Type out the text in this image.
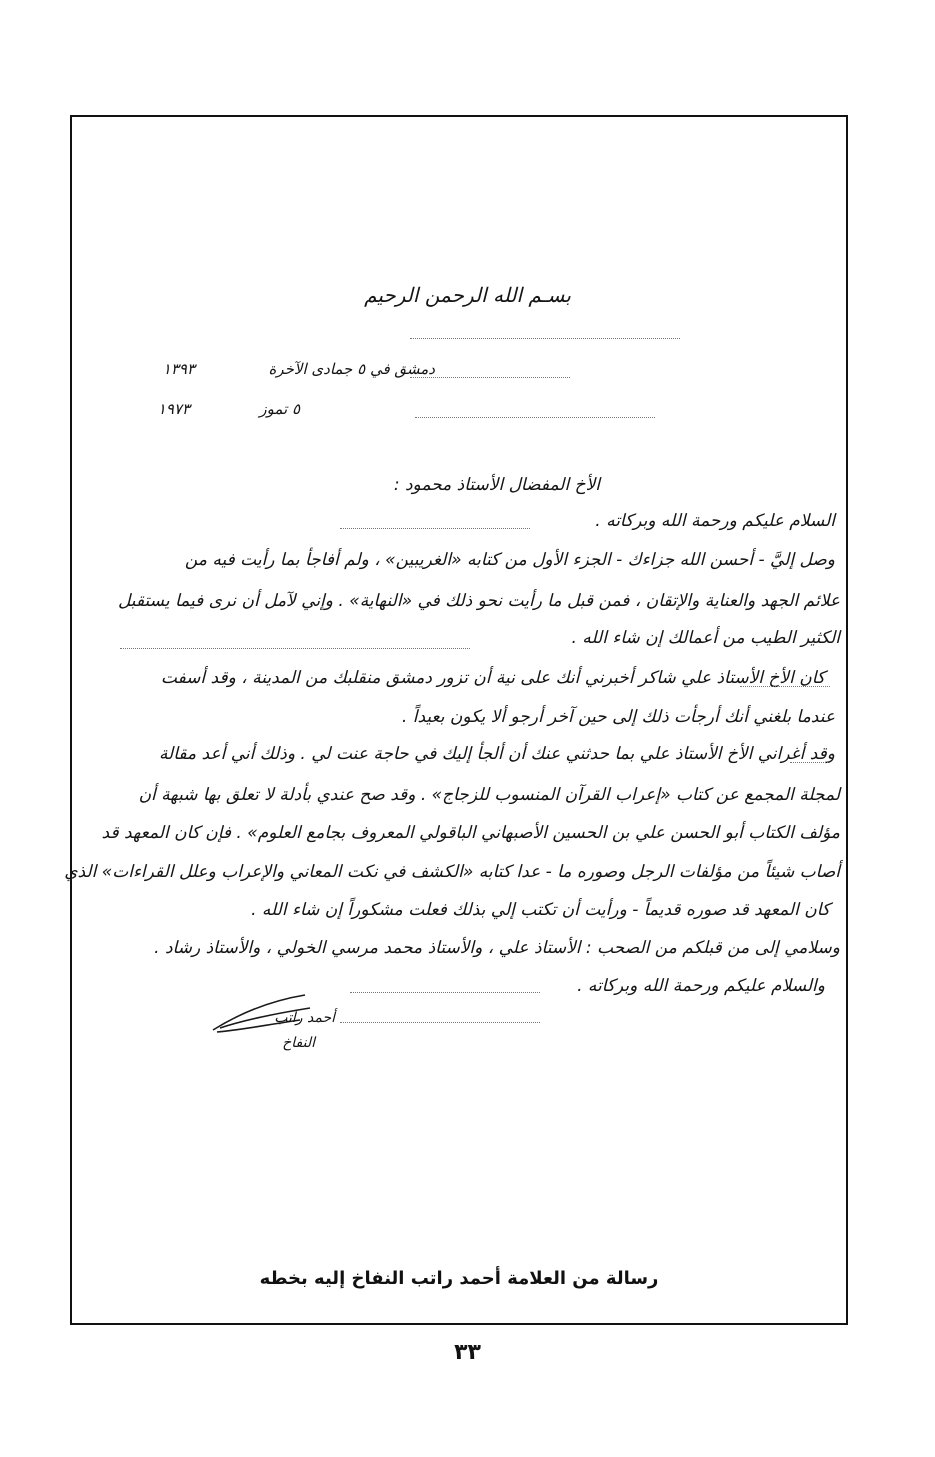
بسـم الله الرحمن الرحيم
دمشق في ٥ جمادى الآخرة
١٣٩٣
٥ تموز
١٩٧٣
الأخ المفضال الأستاذ محمود :
السلام عليكم ورحمة الله وبركاته .
وصل إليَّ - أحسن الله جزاءك - الجزء الأول من كتابه «الغريبين» ، ولم أفاجأ بما رأيت فيه من
علائم الجهد والعناية والإتقان ، فمن قبل ما رأيت نحو ذلك في «النهاية» . وإني لآمل أن نرى فيما يستقبل
الكثير الطيب من أعمالك إن شاء الله .
كان الأخ الأستاذ علي شاكر أخبرني أنك على نية أن تزور دمشق منقلبك من المدينة ، وقد أسفت
عندما بلغني أنك أرجأت ذلك إلى حين آخر أرجو ألا يكون بعيداً .
وقد أغراني الأخ الأستاذ علي بما حدثني عنك أن ألجأ إليك في حاجة عنت لي . وذلك أني أعد مقالة
لمجلة المجمع عن كتاب «إعراب القرآن المنسوب للزجاج» . وقد صح عندي بأدلة لا تعلق بها شبهة أن
مؤلف الكتاب أبو الحسن علي بن الحسين الأصبهاني الباقولي المعروف بجامع العلوم» . فإن كان المعهد قد
أصاب شيئاً من مؤلفات الرجل وصوره ما - عدا كتابه «الكشف في نكت المعاني والإعراب وعلل القراءات» الذي
كان المعهد قد صوره قديماً - ورأيت أن تكتب إلي بذلك فعلت مشكوراً إن شاء الله .
وسلامي إلى من قبلكم من الصحب : الأستاذ علي ، والأستاذ محمد مرسي الخولي ، والأستاذ رشاد .
والسلام عليكم ورحمة الله وبركاته .
أحمد راتب
النفاخ
رسالة من العلامة أحمد راتب النفاخ إليه بخطه
٣٣
